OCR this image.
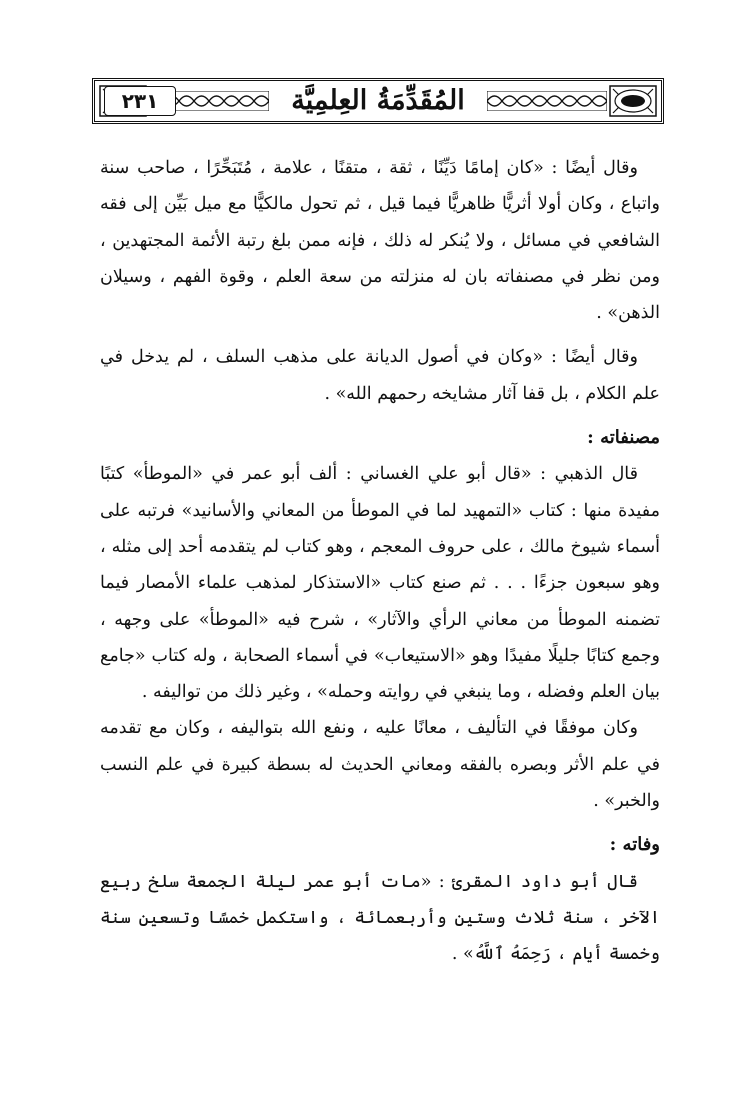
المُقَدِّمَةُ العِلمِيَّة
٢٣١

وقال أيضًا : «كان إمامًا دَيِّنًا ، ثقة ، متقنًا ، علامة ، مُتَبَحِّرًا ، صاحب سنة واتباع ، وكان أولا أثريًّا ظاهريًّا فيما قيل ، ثم تحول مالكيًّا مع ميل بَيِّن إلى فقه الشافعي في مسائل ، ولا يُنكر له ذلك ، فإنه ممن بلغ رتبة الأئمة المجتهدين ، ومن نظر في مصنفاته بان له منزلته من سعة العلم ، وقوة الفهم ، وسيلان الذهن» .

وقال أيضًا : «وكان في أصول الديانة على مذهب السلف ، لم يدخل في علم الكلام ، بل قفا آثار مشايخه رحمهم الله» .

مصنفاته :

قال الذهبي : «قال أبو علي الغساني : ألف أبو عمر في «الموطأ» كتبًا مفيدة منها : كتاب «التمهيد لما في الموطأ من المعاني والأسانيد» فرتبه على أسماء شيوخ مالك ، على حروف المعجم ، وهو كتاب لم يتقدمه أحد إلى مثله ، وهو سبعون جزءًا . . . ثم صنع كتاب «الاستذكار لمذهب علماء الأمصار فيما تضمنه الموطأ من معاني الرأي والآثار» ، شرح فيه «الموطأ» على وجهه ، وجمع كتابًا جليلًا مفيدًا وهو «الاستيعاب» في أسماء الصحابة ، وله كتاب «جامع بيان العلم وفضله ، وما ينبغي في روايته وحمله» ، وغير ذلك من تواليفه .

وكان موفقًا في التأليف ، معانًا عليه ، ونفع الله بتواليفه ، وكان مع تقدمه في علم الأثر وبصره بالفقه ومعاني الحديث له بسطة كبيرة في علم النسب والخبر» .

وفاته :

قال أبو داود المقرئ : «مات أبو عمر ليلة الجمعة سلخ ربيع الآخر ، سنة ثلاث وستين وأربعمائة ، واستكمل خمسًا وتسعين سنة وخمسة أيام ، رَحِمَهُ ٱللَّهُ» .
